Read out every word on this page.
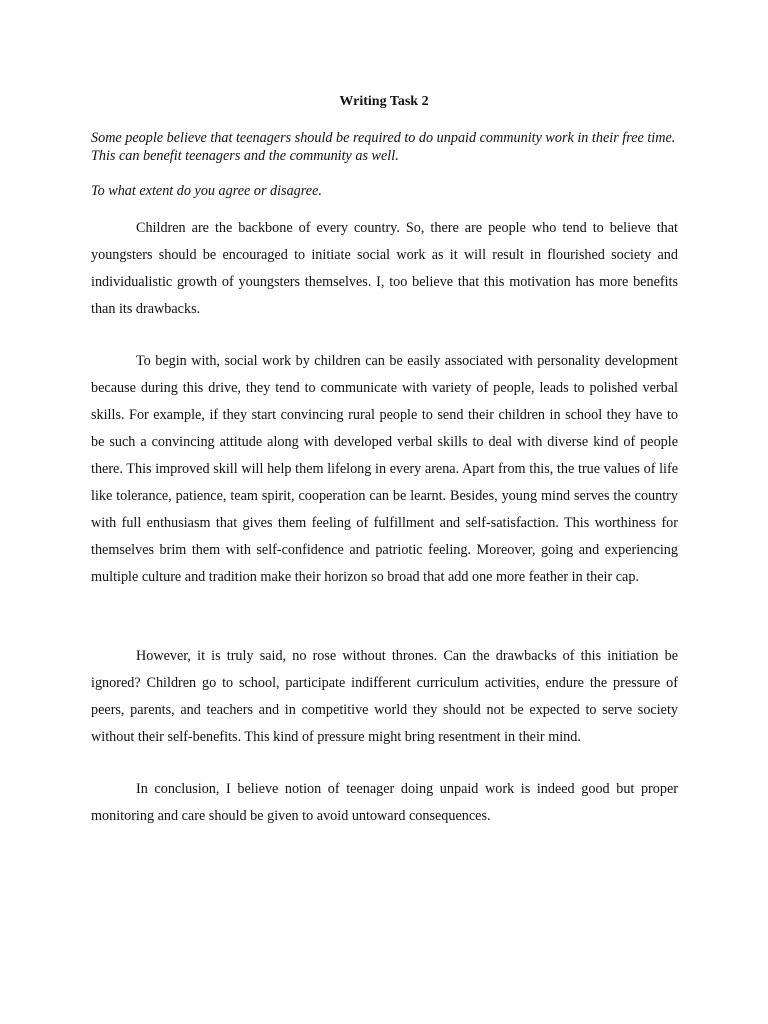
Writing Task 2

Some people believe that teenagers should be required to do unpaid community work in their free time. This can benefit teenagers and the community as well.

To what extent do you agree or disagree.

Children are the backbone of every country. So, there are people who tend to believe that youngsters should be encouraged to initiate social work as it will result in flourished society and individualistic growth of youngsters themselves. I, too believe that this motivation has more benefits than its drawbacks.

To begin with, social work by children can be easily associated with personality development because during this drive, they tend to communicate with variety of people, leads to polished verbal skills. For example, if they start convincing rural people to send their children in school they have to be such a convincing attitude along with developed verbal skills to deal with diverse kind of people there. This improved skill will help them lifelong in every arena. Apart from this, the true values of life like tolerance, patience, team spirit, cooperation can be learnt. Besides, young mind serves the country with full enthusiasm that gives them feeling of fulfillment and self-satisfaction. This worthiness for themselves brim them with self-confidence and patriotic feeling. Moreover, going and experiencing multiple culture and tradition make their horizon so broad that add one more feather in their cap.

However, it is truly said, no rose without thrones. Can the drawbacks of this initiation be ignored? Children go to school, participate indifferent curriculum activities, endure the pressure of peers, parents, and teachers and in competitive world they should not be expected to serve society without their self-benefits. This kind of pressure might bring resentment in their mind.

In conclusion, I believe notion of teenager doing unpaid work is indeed good but proper monitoring and care should be given to avoid untoward consequences.
